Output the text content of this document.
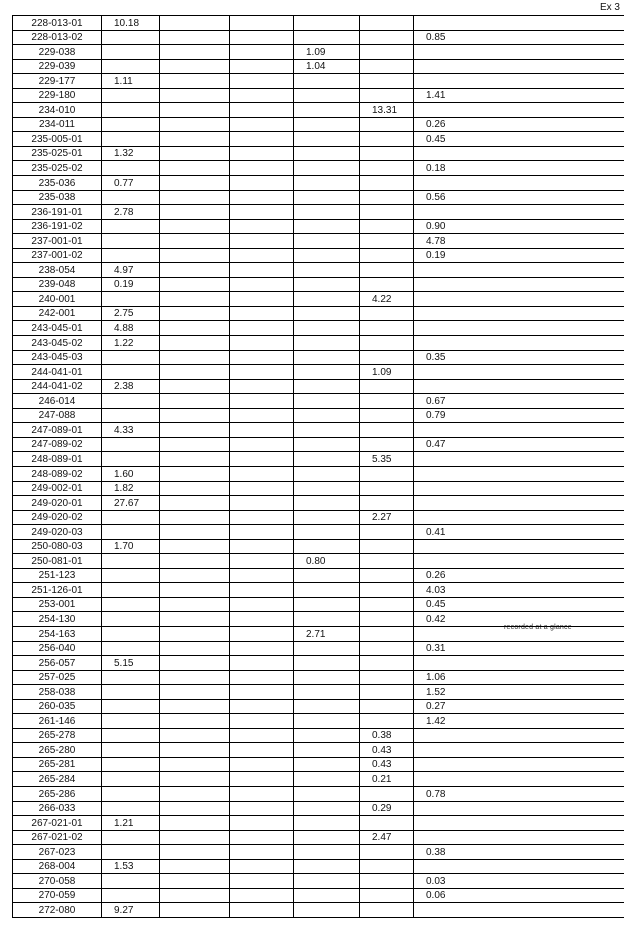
Ex 3
recorded at a glance
228-013-01	10.18					
228-013-02						0.85
229-038				1.09		
229-039				1.04		
229-177	1.11					
229-180						1.41
234-010					13.31	
234-011						0.26
235-005-01						0.45
235-025-01	1.32					
235-025-02						0.18
235-036	0.77					
235-038						0.56
236-191-01	2.78					
236-191-02						0.90
237-001-01						4.78
237-001-02						0.19
238-054	4.97					
239-048	0.19					
240-001					4.22	
242-001	2.75					
243-045-01	4.88					
243-045-02	1.22					
243-045-03						0.35
244-041-01					1.09	
244-041-02	2.38					
246-014						0.67
247-088						0.79
247-089-01	4.33					
247-089-02						0.47
248-089-01					5.35	
248-089-02	1.60					
249-002-01	1.82					
249-020-01	27.67					
249-020-02					2.27	
249-020-03						0.41
250-080-03	1.70					
250-081-01				0.80		
251-123						0.26
251-126-01						4.03
253-001						0.45
254-130						0.42
254-163				2.71		
256-040						0.31
256-057	5.15					
257-025						1.06
258-038						1.52
260-035						0.27
261-146						1.42
265-278					0.38	
265-280					0.43	
265-281					0.43	
265-284					0.21	
265-286						0.78
266-033					0.29	
267-021-01	1.21					
267-021-02					2.47	
267-023						0.38
268-004	1.53					
270-058						0.03
270-059						0.06
272-080	9.27					
